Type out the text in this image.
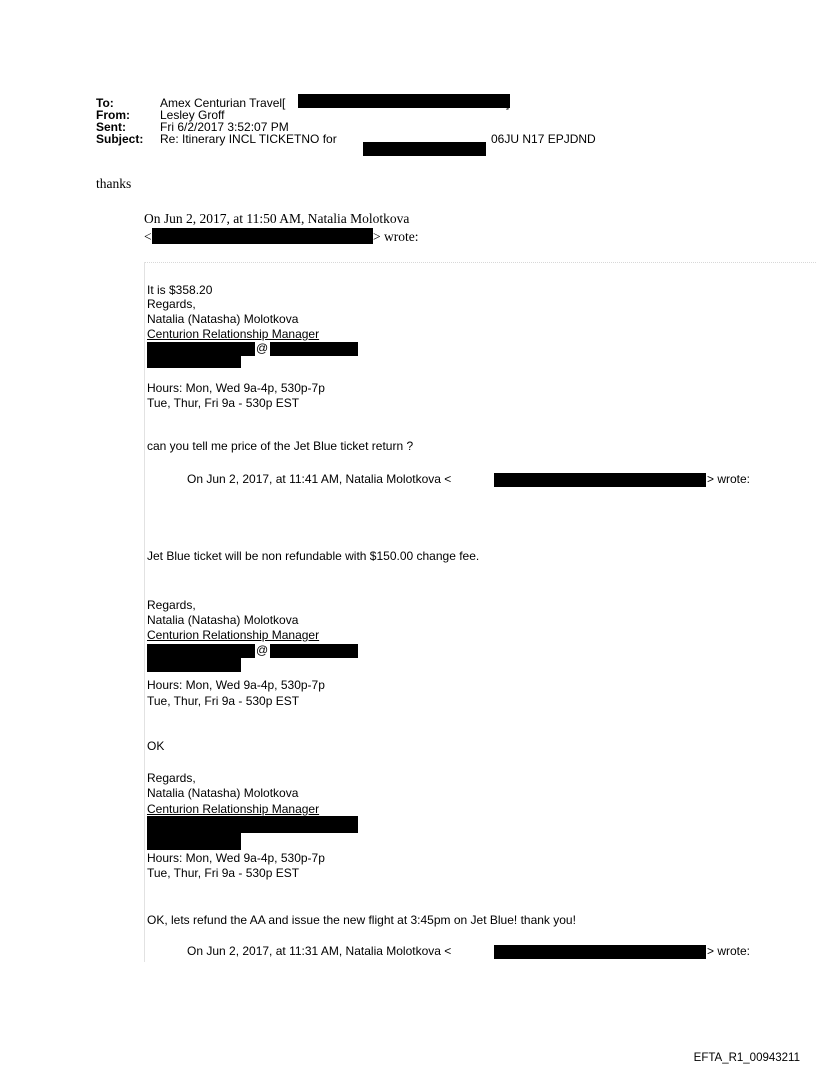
To:	Amex Centurian Travel[	]
From:	Lesley Groff
Sent:	Fri 6/2/2017 3:52:07 PM
Subject: Re: Itinerary INCL TICKETNO for	06JU N17 EPJDND
thanks
On Jun 2, 2017, at 11:50 AM, Natalia Molotkova
<	> wrote:
It is $358.20
Regards,
Natalia (Natasha) Molotkova
Centurion Relationship Manager
@
Hours: Mon, Wed 9a-4p, 530p-7p
Tue, Thur, Fri 9a - 530p EST
can you tell me price of the Jet Blue ticket return ?
On Jun 2, 2017, at 11:41 AM, Natalia Molotkova <	> wrote:
Jet Blue ticket will be non refundable with $150.00 change fee.
Regards,
Natalia (Natasha) Molotkova
Centurion Relationship Manager
@
Hours: Mon, Wed 9a-4p, 530p-7p
Tue, Thur, Fri 9a - 530p EST
OK
Regards,
Natalia (Natasha) Molotkova
Centurion Relationship Manager
Hours: Mon, Wed 9a-4p, 530p-7p
Tue, Thur, Fri 9a - 530p EST
OK, lets refund the AA and issue the new flight at 3:45pm on Jet Blue! thank you!
On Jun 2, 2017, at 11:31 AM, Natalia Molotkova <	> wrote:
EFTA_R1_00943211
